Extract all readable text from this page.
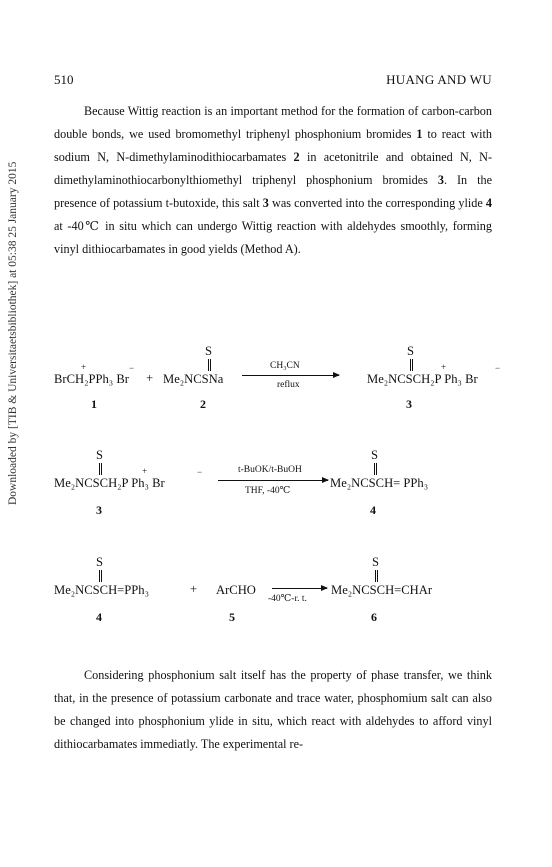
Downloaded by [TIB & Universitaetsbibliothek] at 05:38 25 January 2015
510	HUANG AND WU

Because Wittig reaction is an important method for the formation of carbon-carbon double bonds, we used bromomethyl triphenyl phosphonium bromides 1 to react with sodium N, N-dimethylaminodithiocarbamates 2 in acetonitrile and obtained N, N-dimethylaminothiocarbonylthiomethyl triphenyl phosphonium bromides 3. In the presence of potassium t-butoxide, this salt 3 was converted into the corresponding ylide 4 at -40℃ in situ which can undergo Wittig reaction with aldehydes smoothly, forming vinyl dithiocarbamates in good yields (Method A).

+	−
BrCH₂PPh₃ Br +
S
Me₂NCSNa
CH₃CN
reflux
S
+	−
Me₂NCSCH₂P Ph₃ Br
1	2	3
S
+	−
Me₂NCSCH₂P Ph₃ Br
t-BuOK/t-BuOH
THF, -40℃
S
Me₂NCSCH= PPh₃
3	4
S
Me₂NCSCH=PPh₃	+ ArCHO →
-40℃-r. t.
S
Me₂NCSCH=CHAr
4	5	6

Considering phosphonium salt itself has the property of phase transfer, we think that, in the presence of potassium carbonate and trace water, phosphomium salt can also be changed into phosphonium ylide in situ, which react with aldehydes to afford vinyl dithiocarbamates immediatly. The experimental re-
